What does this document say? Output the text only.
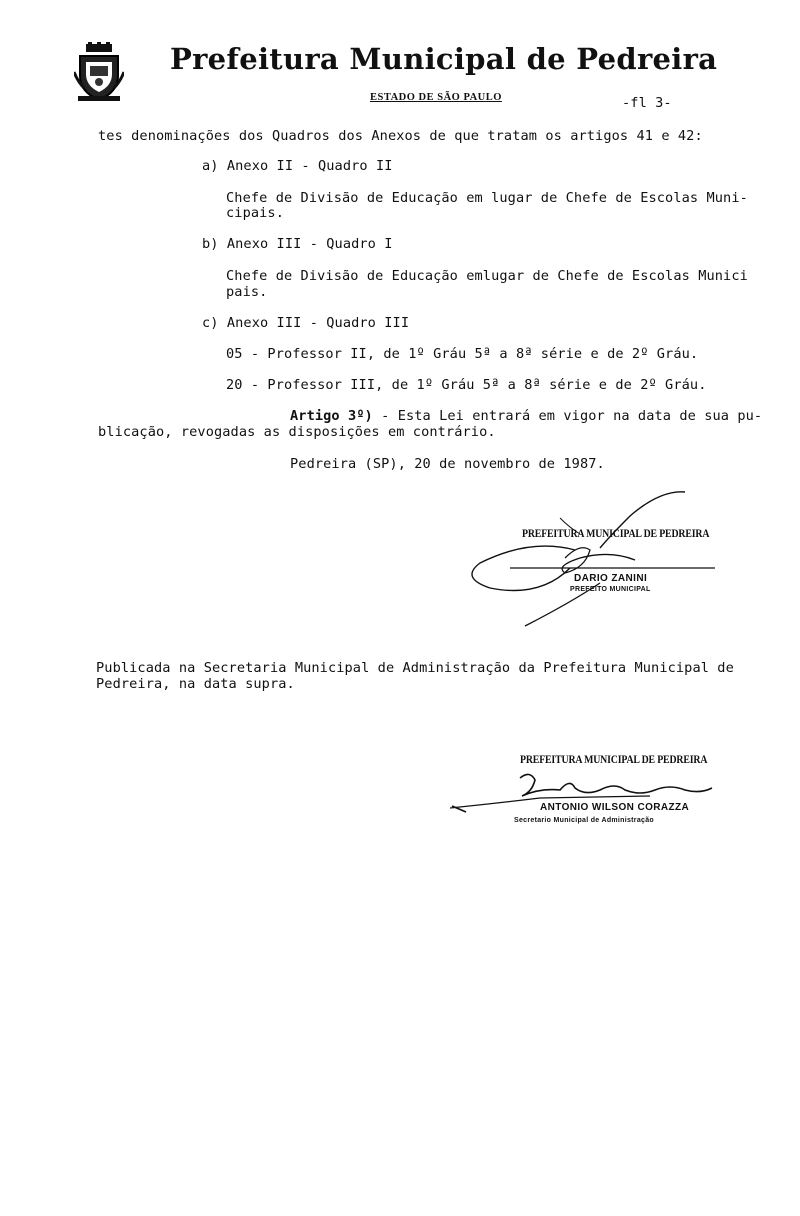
Prefeitura Municipal de Pedreira
ESTADO DE SÃO PAULO	-fl 3-
tes denominações dos Quadros dos Anexos de que tratam os artigos 41 e 42:
a) Anexo II - Quadro II
Chefe de Divisão de Educação em lugar de Chefe de Escolas Muni-
cipais.
b) Anexo III - Quadro I
Chefe de Divisão de Educação emlugar de Chefe de Escolas Munici
pais.
c) Anexo III - Quadro III
05 - Professor II, de 1º Gráu 5ª a 8ª série e de 2º Gráu.
20 - Professor III, de 1º Gráu 5ª a 8ª série e de 2º Gráu.
Artigo 3º) - Esta Lei entrará em vigor na data de sua pu-
blicação, revogadas as disposições em contrário.
Pedreira (SP), 20 de novembro de 1987.
PREFEITURA MUNICIPAL DE PEDREIRA
DARIO ZANINI
PREFEITO MUNICIPAL
Publicada na Secretaria Municipal de Administração da Prefeitura Municipal de
Pedreira, na data supra.
PREFEITURA MUNICIPAL DE PEDREIRA
ANTONIO WILSON CORAZZA
Secretario Municipal de Administração
